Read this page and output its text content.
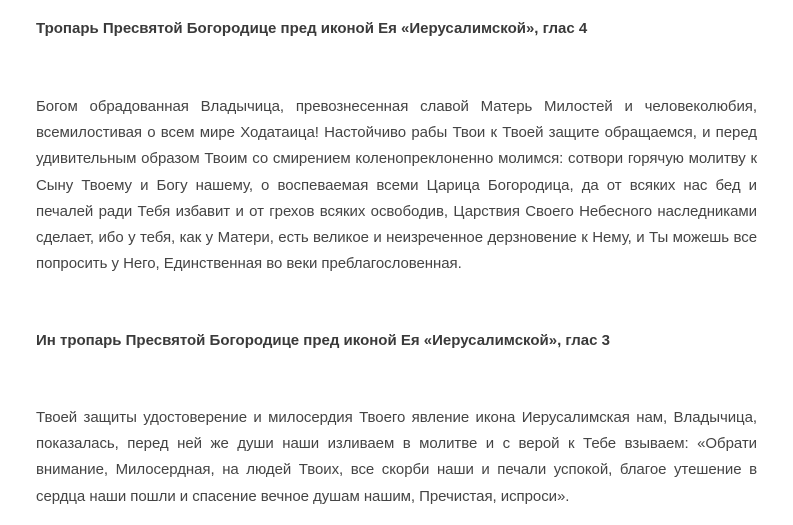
Тропарь Пресвятой Богородице пред иконой Ея «Иерусалимской», глас 4

Богом обрадованная Владычица, превознесенная славой Матерь Милостей и человеколюбия, всемилостивая о всем мире Ходатаица! Настойчиво рабы Твои к Твоей защите обращаемся, и перед удивительным образом Твоим со смирением коленопреклоненно молимся: сотвори горячую молитву к Сыну Твоему и Богу нашему, о воспеваемая всеми Царица Богородица, да от всяких нас бед и печалей ради Тебя избавит и от грехов всяких освободив, Царствия Своего Небесного наследниками сделает, ибо у тебя, как у Матери, есть великое и неизреченное дерзновение к Нему, и Ты можешь все попросить у Него, Единственная во веки преблагословенная.

Ин тропарь Пресвятой Богородице пред иконой Ея «Иерусалимской», глас 3

Твоей защиты удостоверение и милосердия Твоего явление икона Иерусалимская нам, Владычица, показалась, перед ней же души наши изливаем в молитве и с верой к Тебе взываем: «Обрати внимание, Милосердная, на людей Твоих, все скорби наши и печали успокой, благое утешение в сердца наши пошли и спасение вечное душам нашим, Пречистая, испроси».
